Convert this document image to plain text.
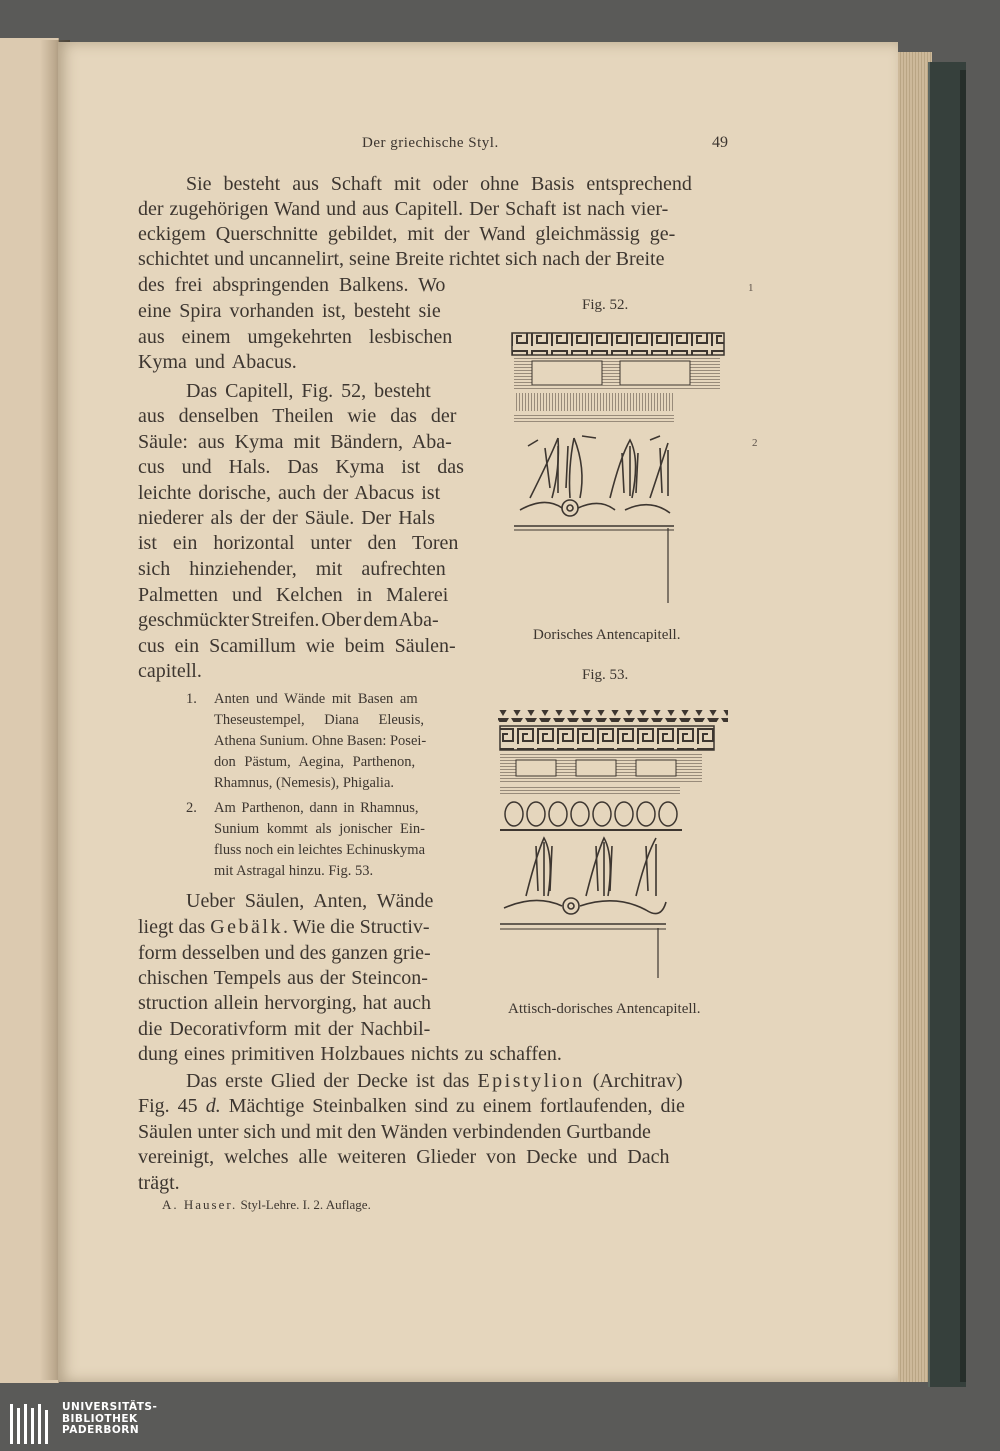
Der griechische Styl.	49
1
2
Sie besteht aus Schaft mit oder ohne Basis entsprechend
der zugehörigen Wand und aus Capitell. Der Schaft ist nach vier-
eckigem Querschnitte gebildet, mit der Wand gleichmässig ge-
schichtet und uncannelirt, seine Breite richtet sich nach der Breite
des frei abspringenden Balkens. Wo
eine Spira vorhanden ist, besteht sie
aus einem umgekehrten lesbischen
Kyma und Abacus.
Das Capitell, Fig. 52, besteht
aus denselben Theilen wie das der
Säule: aus Kyma mit Bändern, Aba-
cus und Hals. Das Kyma ist das
leichte dorische, auch der Abacus ist
niederer als der der Säule. Der Hals
ist ein horizontal unter den Toren
sich hinziehender, mit aufrechten
Palmetten und Kelchen in Malerei
geschmückter Streifen. Ober dem Aba-
cus ein Scamillum wie beim Säulen-
capitell.
1. Anten und Wände mit Basen am
Theseustempel, Diana Eleusis,
Athena Sunium. Ohne Basen: Posei-
don Pästum, Aegina, Parthenon,
Rhamnus, (Nemesis), Phigalia.
2. Am Parthenon, dann in Rhamnus,
Sunium kommt als jonischer Ein-
fluss noch ein leichtes Echinuskyma
mit Astragal hinzu. Fig. 53.
Ueber Säulen, Anten, Wände
liegt das Gebälk. Wie die Structiv-
form desselben und des ganzen grie-
chischen Tempels aus der Steincon-
struction allein hervorging, hat auch
die Decorativform mit der Nachbil-
dung eines primitiven Holzbaues nichts zu schaffen.
Das erste Glied der Decke ist das Epistylion (Architrav)
Fig. 45 d. Mächtige Steinbalken sind zu einem fortlaufenden, die
Säulen unter sich und mit den Wänden verbindenden Gurtbande
vereinigt, welches alle weiteren Glieder von Decke und Dach
trägt.
A. Hauser. Styl-Lehre. I. 2. Auflage.
Fig. 52.
Dorisches Antencapitell.
Fig. 53.
Attisch-dorisches Antencapitell.
UNIVERSITÄTS-
BIBLIOTHEK
PADERBORN
